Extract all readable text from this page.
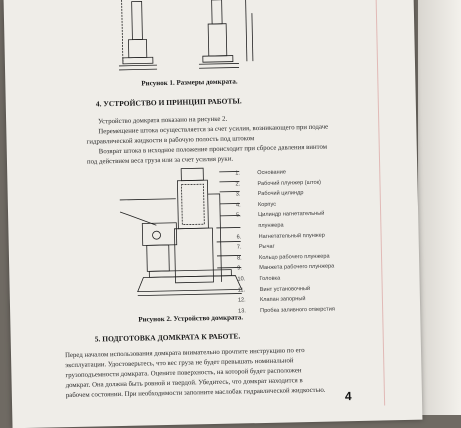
Рисунок 1. Размеры домкрата.
4. УСТРОЙСТВО И ПРИНЦИП РАБОТЫ.
Устройство домкрата показано на рисунке 2.
Перемещение штока осуществляется за счет усилия, возникающего при подаче
гидравлической жидкости в рабочую полость под штоком
Возврат штока в исходное положение происходит при сбросе давления винтом
под действием веса груза или за счет усилия руки.
1.	Основание
2.	Рабочий плунжер (шток)
3.	Рабочий цилиндр
4.	Корпус
5.	Цилиндр нагнетательный
плунжера
6.	Нагнетательный плунжер
7.	Рычаг
8.	Кольцо рабочего плунжера
9.	Манжета рабочего плунжера
10.	Головка
11.	Винт установочный
12.	Клапан запорный
13.	Пробка заливного отверстия
Рисунок 2. Устройство домкрата.
5. ПОДГОТОВКА ДОМКРАТА К РАБОТЕ.
Перед началом использования домкрата внимательно прочтите инструкцию по его
эксплуатации. Удостоверьтесь, что вес груза не будет превышать номинальной
грузоподъемности домкрата. Оцените поверхность, на которой будет расположен
домкрат. Она должна быть ровной и твердой. Убедитесь, что домкрат находится в
рабочем состоянии. При необходимости заполните маслобак гидравлической жидкостью. 4
